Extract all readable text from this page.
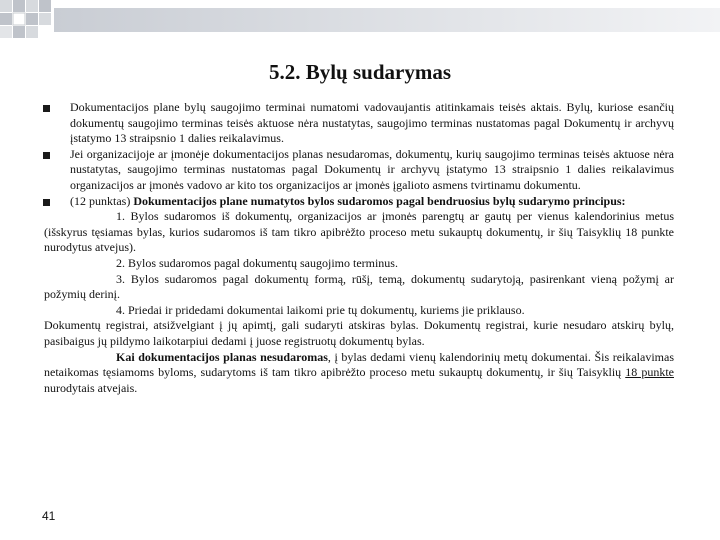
5.2. Bylų sudarymas

Dokumentacijos plane bylų saugojimo terminai numatomi vadovaujantis atitinkamais teisės aktais. Bylų, kuriose esančių dokumentų saugojimo terminas teisės aktuose nėra nustatytas, saugojimo terminas nustatomas pagal Dokumentų ir archyvų įstatymo 13 straipsnio 1 dalies reikalavimus.

Jei organizacijoje ar įmonėje dokumentacijos planas nesudaromas, dokumentų, kurių saugojimo terminas teisės aktuose nėra nustatytas, saugojimo terminas nustatomas pagal Dokumentų ir archyvų įstatymo 13 straipsnio 1 dalies reikalavimus organizacijos ar įmonės vadovo ar kito tos organizacijos ar įmonės įgalioto asmens tvirtinamu dokumentu.

(12 punktas) Dokumentacijos plane numatytos bylos sudaromos pagal bendruosius bylų sudarymo principus:

1. Bylos sudaromos iš dokumentų, organizacijos ar įmonės parengtų ar gautų per vienus kalendorinius metus (išskyrus tęsiamas bylas, kurios sudaromos iš tam tikro apibrėžto proceso metu sukauptų dokumentų, ir šių Taisyklių 18 punkte nurodytus atvejus).

2. Bylos sudaromos pagal dokumentų saugojimo terminus.

3. Bylos sudaromos pagal dokumentų formą, rūšį, temą, dokumentų sudarytoją, pasirenkant vieną požymį ar požymių derinį.

4. Priedai ir pridedami dokumentai laikomi prie tų dokumentų, kuriems jie priklauso.

Dokumentų registrai, atsižvelgiant į jų apimtį, gali sudaryti atskiras bylas. Dokumentų registrai, kurie nesudaro atskirų bylų, pasibaigus jų pildymo laikotarpiui dedami į juose registruotų dokumentų bylas.

Kai dokumentacijos planas nesudaromas, į bylas dedami vienų kalendorinių metų dokumentai. Šis reikalavimas netaikomas tęsiamoms byloms, sudarytoms iš tam tikro apibrėžto proceso metu sukauptų dokumentų, ir šių Taisyklių 18 punkte nurodytais atvejais.

41
